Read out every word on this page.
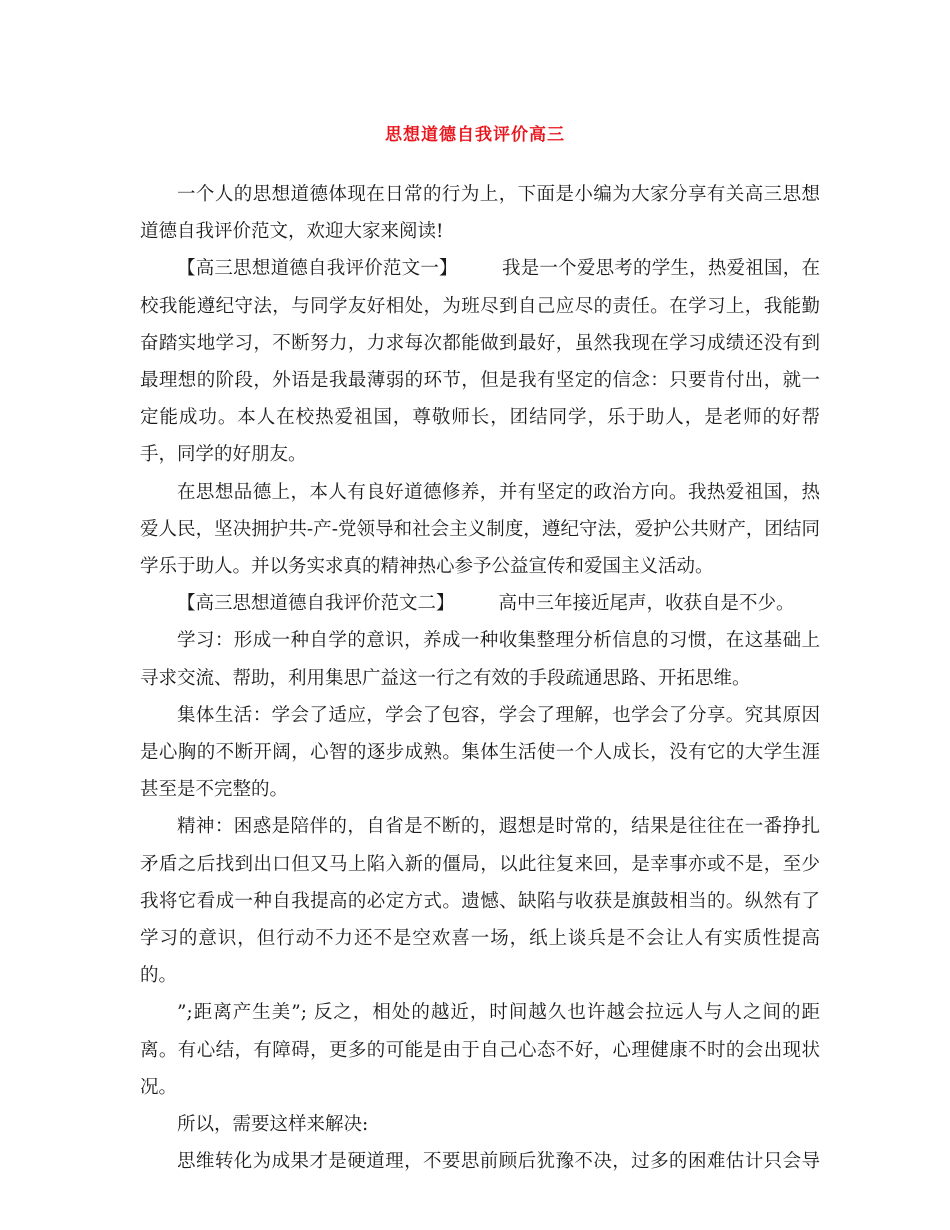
思想道德自我评价高三

一个人的思想道德体现在日常的行为上，下面是小编为大家分享有关高三思想道德自我评价范文，欢迎大家来阅读!

【高三思想道德自我评价范文一】 我是一个爱思考的学生，热爱祖国，在校我能遵纪守法，与同学友好相处，为班尽到自己应尽的责任。在学习上，我能勤奋踏实地学习，不断努力，力求每次都能做到最好，虽然我现在学习成绩还没有到最理想的阶段，外语是我最薄弱的环节，但是我有坚定的信念：只要肯付出，就一定能成功。本人在校热爱祖国，尊敬师长，团结同学，乐于助人，是老师的好帮手，同学的好朋友。

在思想品德上，本人有良好道德修养，并有坚定的政治方向。我热爱祖国，热爱人民，坚决拥护共-产-党领导和社会主义制度，遵纪守法，爱护公共财产，团结同学乐于助人。并以务实求真的精神热心参予公益宣传和爱国主义活动。

【高三思想道德自我评价范文二】 高中三年接近尾声，收获自是不少。

学习：形成一种自学的意识，养成一种收集整理分析信息的习惯，在这基础上寻求交流、帮助，利用集思广益这一行之有效的手段疏通思路、开拓思维。

集体生活：学会了适应，学会了包容，学会了理解，也学会了分享。究其原因是心胸的不断开阔，心智的逐步成熟。集体生活使一个人成长，没有它的大学生涯甚至是不完整的。

精神：困惑是陪伴的，自省是不断的，遐想是时常的，结果是往往在一番挣扎矛盾之后找到出口但又马上陷入新的僵局，以此往复来回，是幸事亦或不是，至少我将它看成一种自我提高的必定方式。遗憾、缺陷与收获是旗鼓相当的。纵然有了学习的意识，但行动不力还不是空欢喜一场，纸上谈兵是不会让人有实质性提高的。

”;距离产生美”; 反之，相处的越近，时间越久也许越会拉远人与人之间的距离。有心结，有障碍，更多的可能是由于自己心态不好，心理健康不时的会出现状况。

所以，需要这样来解决:

思维转化为成果才是硬道理，不要思前顾后犹豫不决，过多的困难估计只会导
